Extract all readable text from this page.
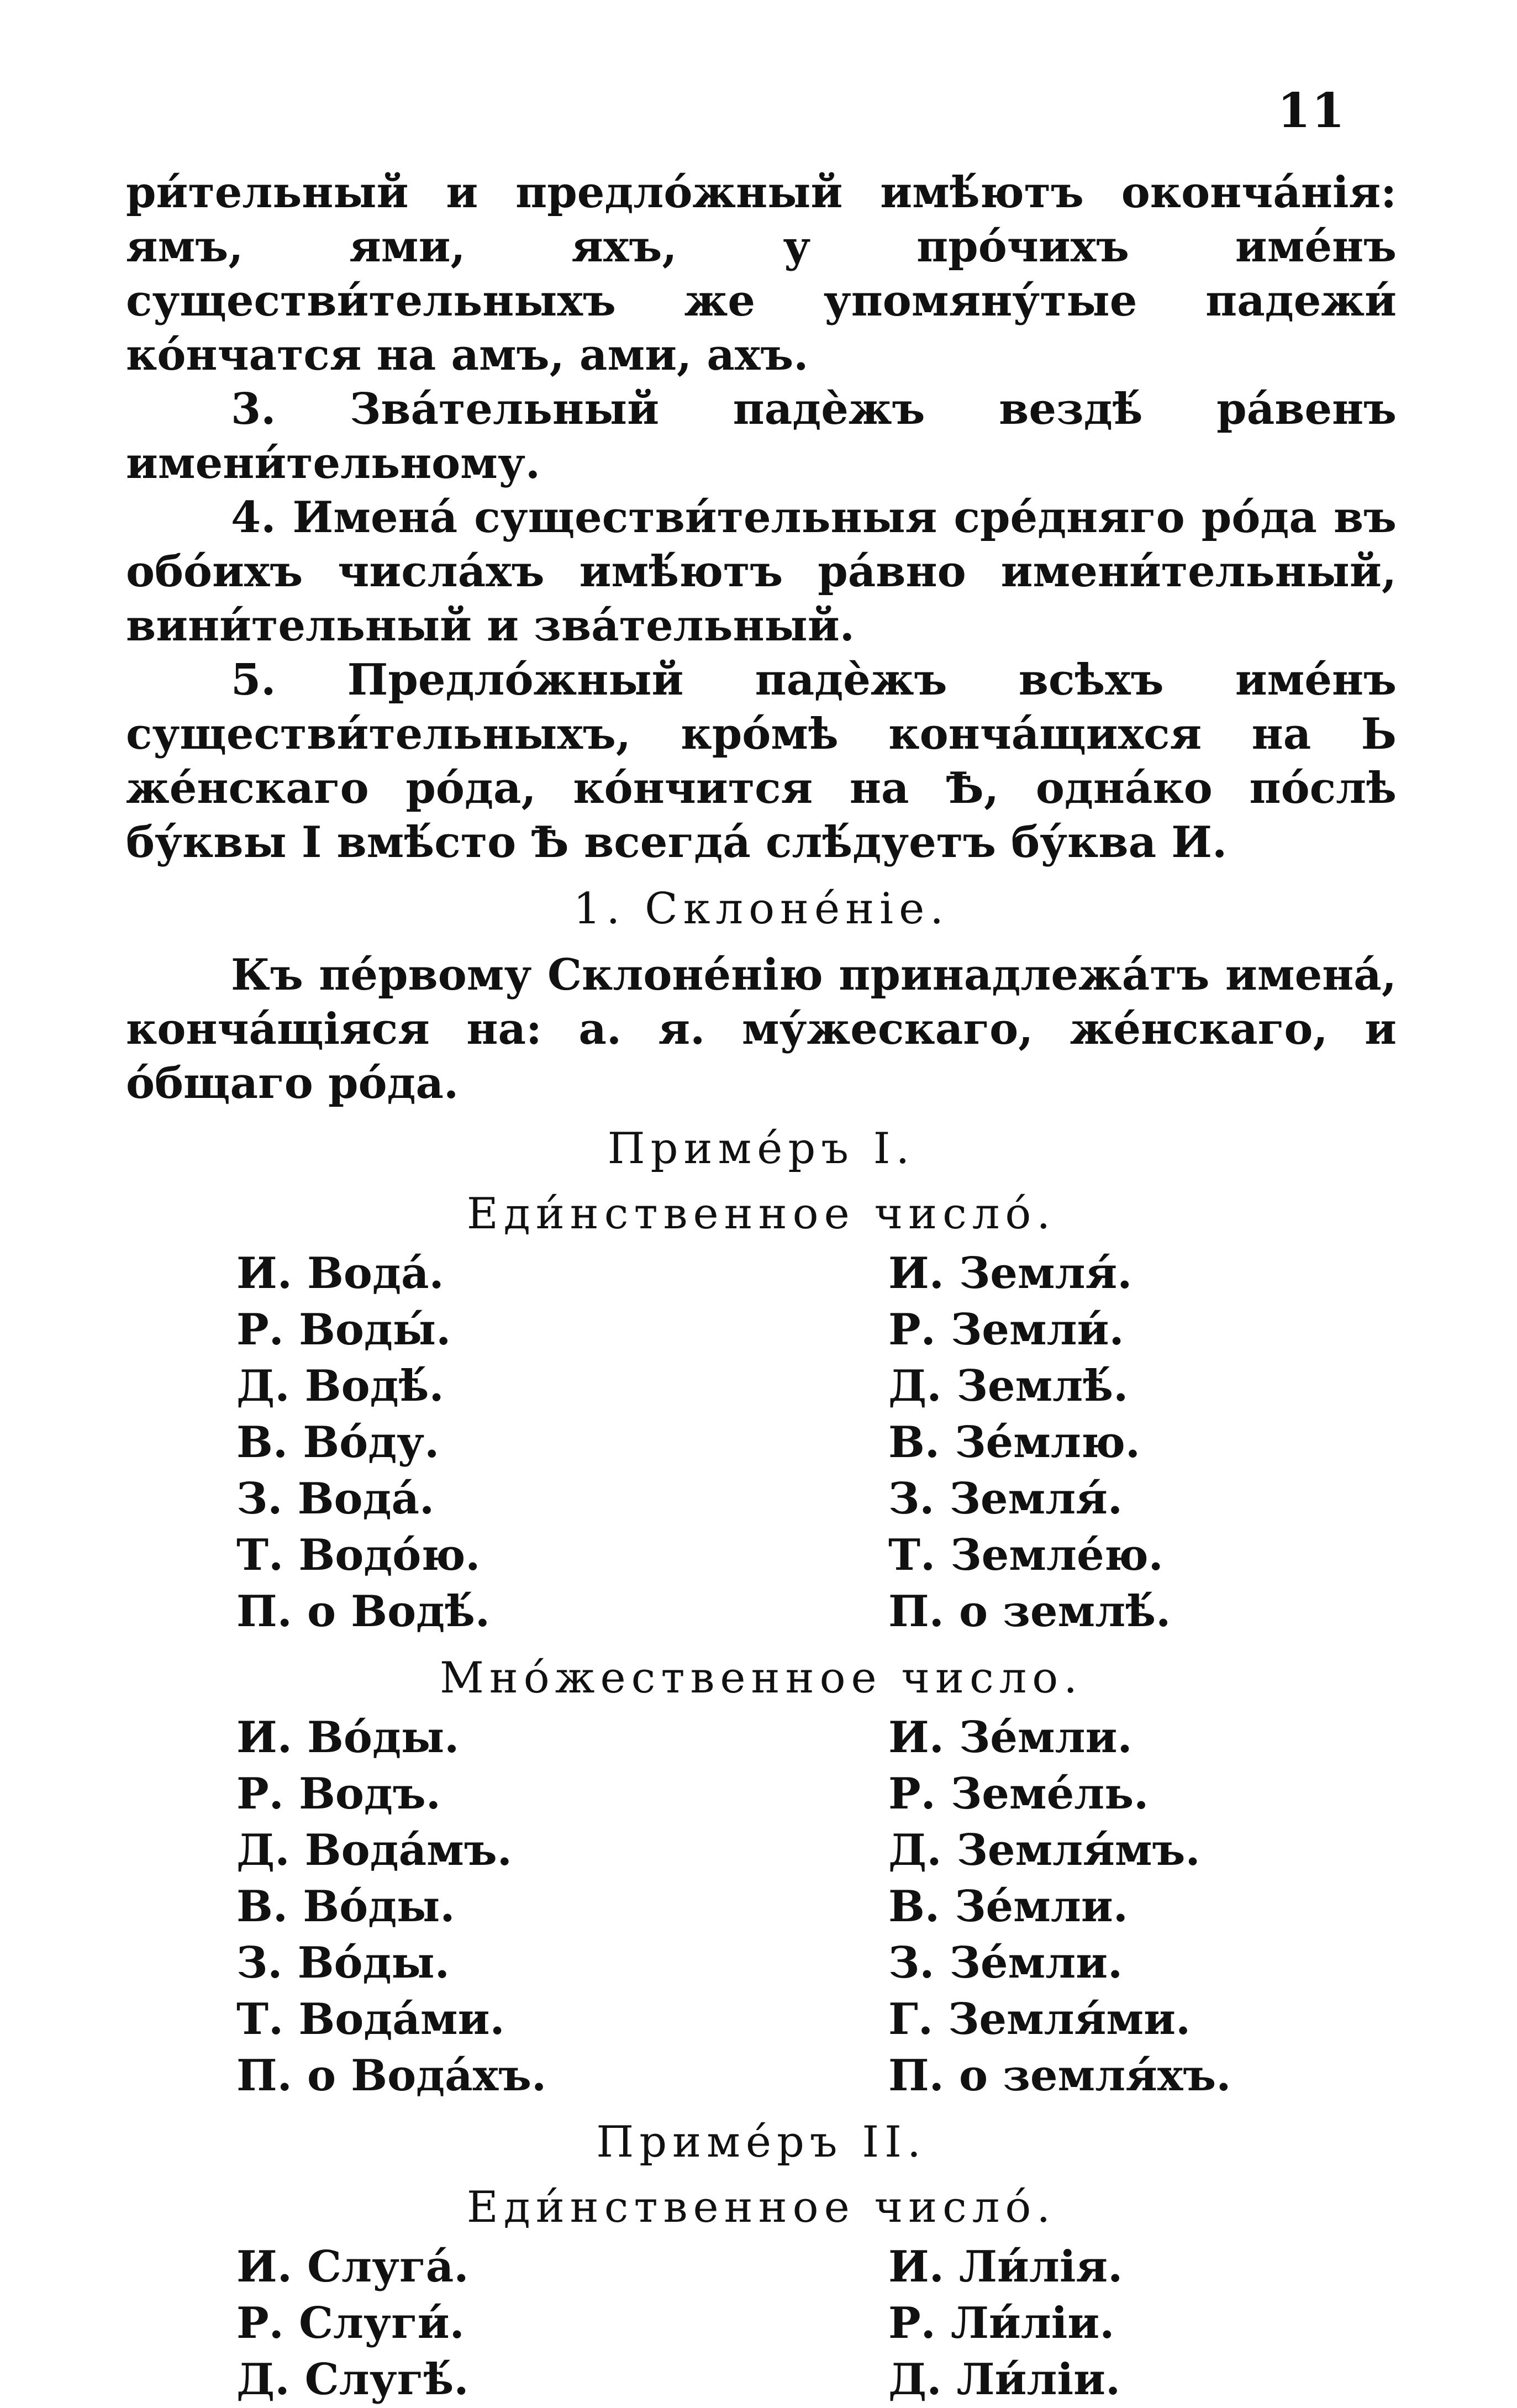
11

ри́тельный и предло́жный имѣ́ютъ оконча́нія: ямъ, ями, яхъ, у про́чихъ име́нъ существи́тельныхъ же упомяну́тые падежи́ ко́нчатся на амъ, ами, ахъ.

3. Зва́тельный падѐжъ вездѣ́ ра́венъ имени́тельному.

4. Имена́ существи́тельныя сре́дняго ро́да въ обо́ихъ числа́хъ имѣ́ютъ ра́вно имени́тельный, вини́тельный и зва́тельный.

5. Предло́жный падѐжъ всѣхъ име́нъ существи́тельныхъ, кро́мѣ конча́щихся на Ь же́нскаго ро́да, ко́нчится на Ѣ, одна́ко по́слѣ бу́квы І вмѣ́сто Ѣ всегда́ слѣ́дуетъ бу́ква И.

1. Склоне́ніе.

Къ пе́рвому Склоне́нію принадлежа́тъ имена́, конча́щіяся на: а. я. му́жескаго, же́нскаго, и о́бщаго ро́да.

Приме́ръ I.

Еди́нственное число́.

И. Вода́.	И. Земля́.
Р. Воды́.	Р. Земли́.
Д. Водѣ́.	Д. Землѣ́.
В. Во́ду.	В. Зе́млю.
З. Вода́.	З. Земля́.
Т. Водо́ю.	Т. Земле́ю.
П. о Водѣ́.	П. о землѣ́.

Мно́жественное число.

И. Во́ды.	И. Зе́мли.
Р. Водъ.	Р. Земе́ль.
Д. Вода́мъ.	Д. Земля́мъ.
В. Во́ды.	В. Зе́мли.
З. Во́ды.	З. Зе́мли.
Т. Вода́ми.	Г. Земля́ми.
П. о Вода́хъ.	П. о земля́хъ.

Приме́ръ II.

Еди́нственное число́.

И. Слуга́.	И. Ли́лія.
Р. Слуги́.	Р. Ли́ліи.
Д. Слугѣ́.	Д. Ли́ліи.
